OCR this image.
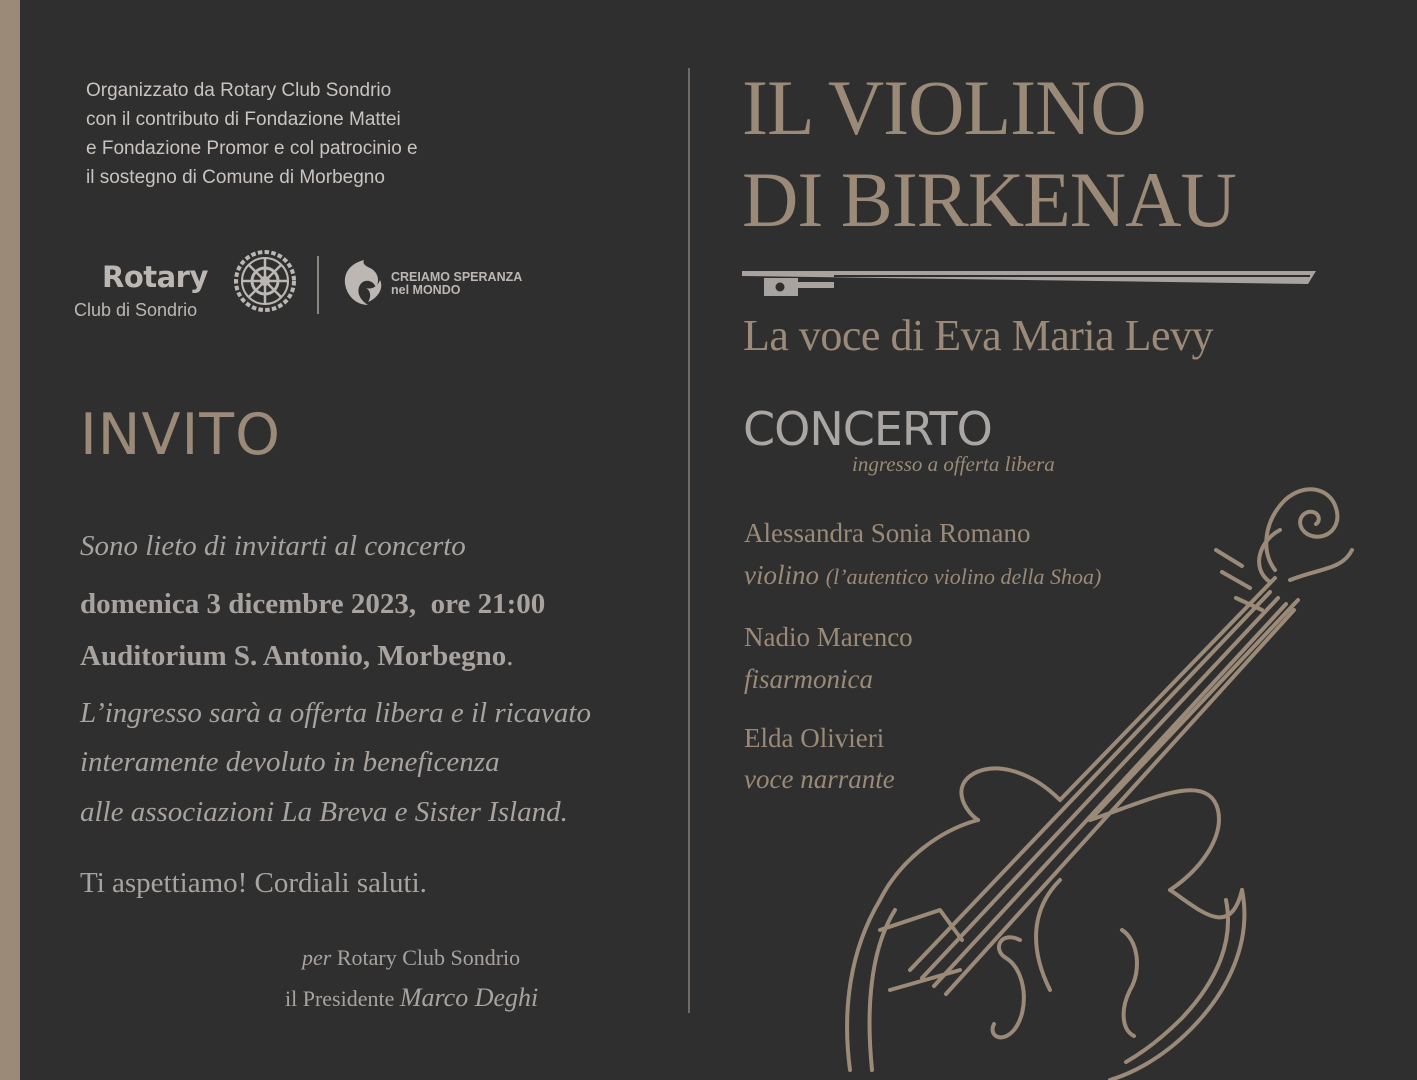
Organizzato da Rotary Club Sondrio
con il contributo di Fondazione Mattei
e Fondazione Promor e col patrocinio e
il sostegno di Comune di Morbegno
Rotary
Club di Sondrio
CREIAMO SPERANZA
nel MONDO
INVITO
Sono lieto di invitarti al concerto
domenica 3 dicembre 2023, ore 21:00
Auditorium S. Antonio, Morbegno.
L’ingresso sarà a offerta libera e il ricavato
interamente devoluto in beneficenza
alle associazioni La Breva e Sister Island.
Ti aspettiamo! Cordiali saluti.
per Rotary Club Sondrio
il Presidente Marco Deghi
IL VIOLINO
DI BIRKENAU
La voce di Eva Maria Levy
CONCERTO
ingresso a offerta libera
Alessandra Sonia Romano
violino (l’autentico violino della Shoa)
Nadio Marenco
fisarmonica
Elda Olivieri
voce narrante
